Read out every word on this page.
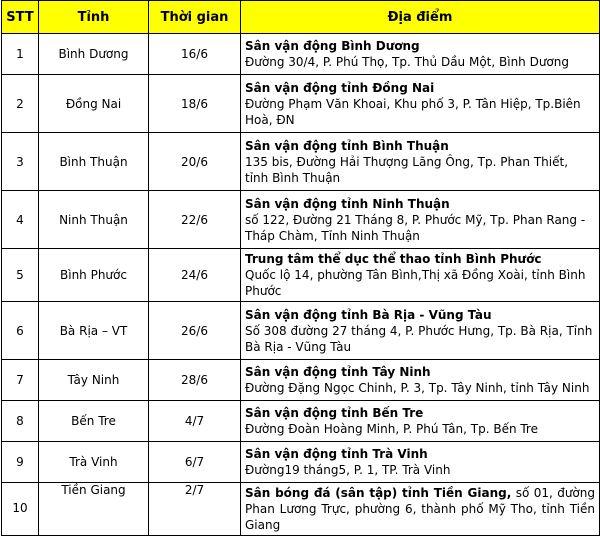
STT	Tỉnh	Thời gian	Địa điểm
1	Bình Dương	16/6	Sân vận động Bình Dương
Đường 30/4, P. Phú Thọ, Tp. Thủ Dầu Một, Bình Dương

2	Đồng Nai	18/6	Sân vận động tỉnh Đồng Nai
Đường Phạm Văn Khoai, Khu phố 3, P. Tân Hiệp, Tp.Biên Hoà, ĐN

3	Bình Thuận	20/6	Sân vận động tỉnh Bình Thuận
135 bis, Đường Hải Thượng Lãng Ông, Tp. Phan Thiết, tỉnh Bình Thuận

4	Ninh Thuận	22/6	Sân vận động tỉnh Ninh Thuận
số 122, Đường 21 Tháng 8, P. Phước Mỹ, Tp. Phan Rang - Tháp Chàm, Tỉnh Ninh Thuận

5	Bình Phước	24/6	Trung tâm thể dục thể thao tỉnh Bình Phước
Quốc lộ 14, phường Tân Bình,Thị xã Đồng Xoài, tỉnh Bình Phước

6	Bà Rịa – VT	26/6	Sân vận động tỉnh Bà Rịa - Vũng Tàu
Số 308 đường 27 tháng 4, P. Phước Hưng, Tp. Bà Rịa, Tỉnh Bà Rịa - Vũng Tàu

7	Tây Ninh	28/6	Sân vận động tỉnh Tây Ninh
Đường Đặng Ngọc Chinh, P. 3, Tp. Tây Ninh, tỉnh Tây Ninh

8	Bến Tre	4/7	Sân vận động tỉnh Bến Tre
Đường Đoàn Hoàng Minh, P. Phú Tân, Tp. Bến Tre

9	Trà Vinh	6/7	Sân vận động tỉnh Trà Vinh
Đường19 tháng5, P. 1, TP. Trà Vinh

10	Tiền Giang	2/7	Sân bóng đá (sân tập) tỉnh Tiền Giang, số 01, đường Phan Lương Trực, phường 6, thành phố Mỹ Tho, tỉnh Tiền Giang
